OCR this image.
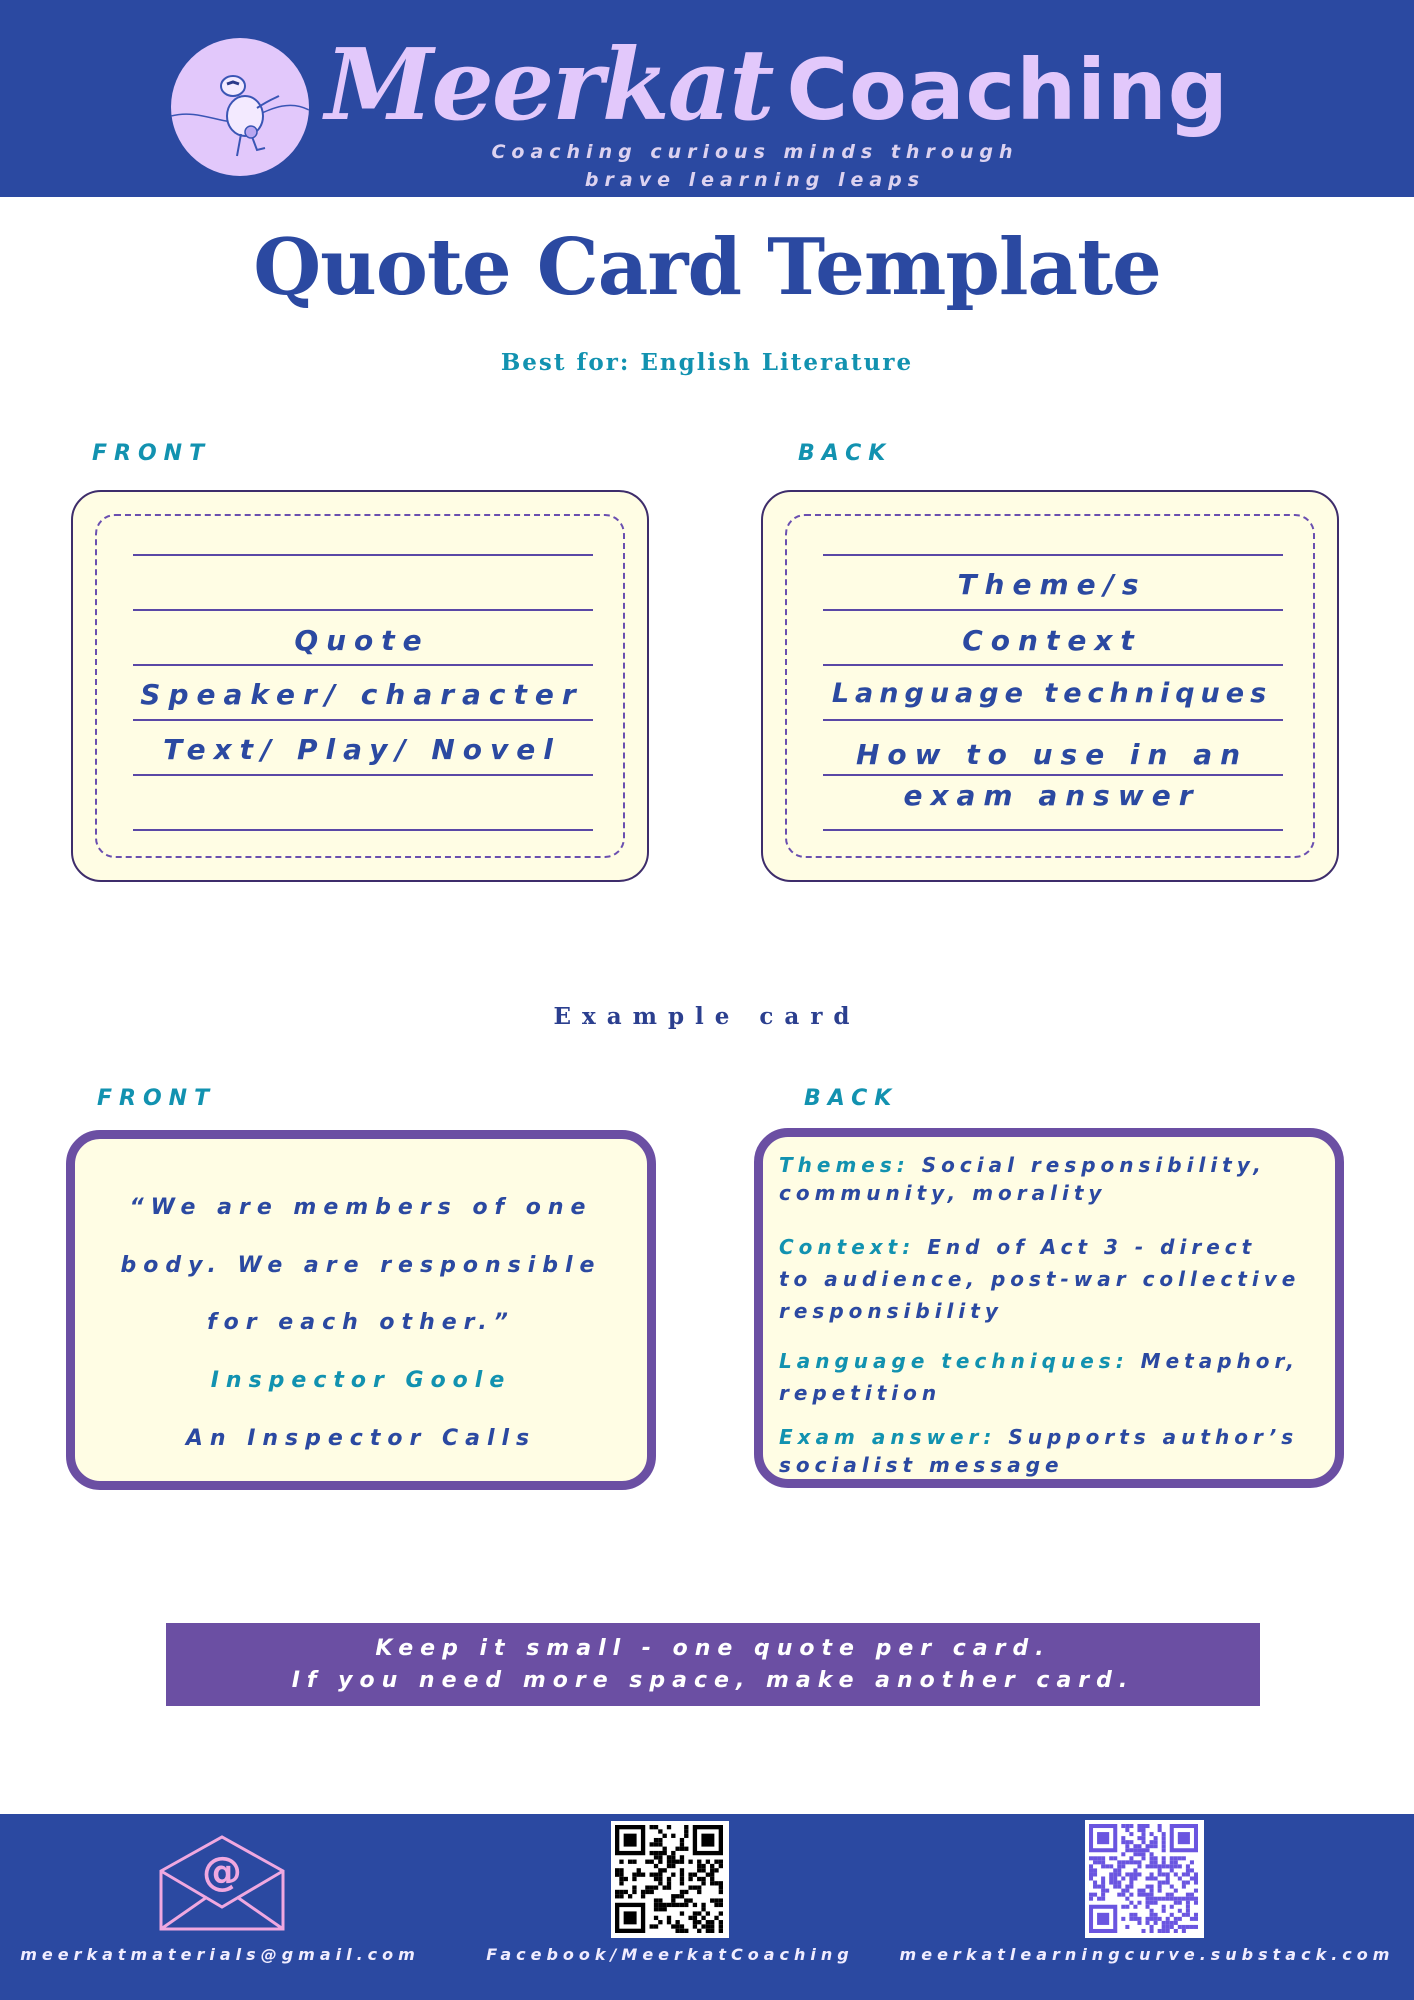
Meerkat Coaching
Coaching curious minds through
brave learning leaps
Quote Card Template
Best for: English Literature
FRONT	BACK
Quote
Speaker/ character
Text/ Play/ Novel
Theme/s
Context
Language techniques
How to use in an
exam answer
Example card
FRONT	BACK
“We are members of one
body. We are responsible
for each other.”
Inspector Goole
An Inspector Calls
Themes: Social responsibility,
community, morality
Context: End of Act 3 - direct
to audience, post-war collective
responsibility
Language techniques: Metaphor,
repetition
Exam answer: Supports author’s
socialist message
Keep it small - one quote per card.
If you need more space, make another card.
@
meerkatmaterials@gmail.com	Facebook/MeerkatCoaching	meerkatlearningcurve.substack.com
